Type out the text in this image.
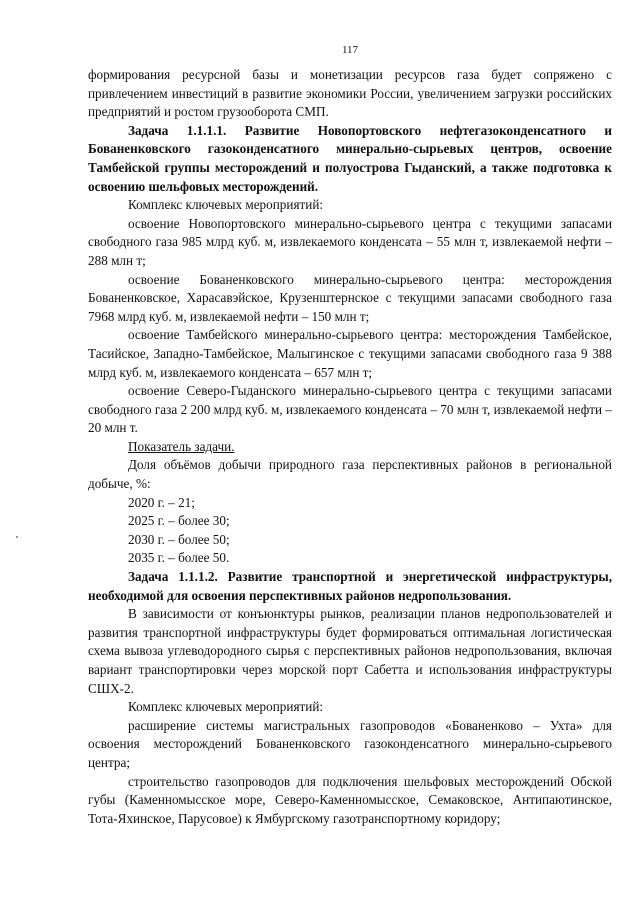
117

формирования ресурсной базы и монетизации ресурсов газа будет сопряжено с привлечением инвестиций в развитие экономики России, увеличением загрузки российских предприятий и ростом грузооборота СМП.

Задача 1.1.1.1. Развитие Новопортовского нефтегазоконденсатного и Бованенковского газоконденсатного минерально-сырьевых центров, освоение Тамбейской группы месторождений и полуострова Гыданский, а также подготовка к освоению шельфовых месторождений.

Комплекс ключевых мероприятий:

освоение Новопортовского минерально-сырьевого центра с текущими запасами свободного газа 985 млрд куб. м, извлекаемого конденсата – 55 млн т, извлекаемой нефти – 288 млн т;

освоение Бованенковского минерально-сырьевого центра: месторождения Бованенковское, Харасавэйское, Крузенштернское с текущими запасами свободного газа 7968 млрд куб. м, извлекаемой нефти – 150 млн т;

освоение Тамбейского минерально-сырьевого центра: месторождения Тамбейское, Тасийское, Западно-Тамбейское, Малыгинское с текущими запасами свободного газа 9 388 млрд куб. м, извлекаемого конденсата – 657 млн т;

освоение Северо-Гыданского минерально-сырьевого центра с текущими запасами свободного газа 2 200 млрд куб. м, извлекаемого конденсата – 70 млн т, извлекаемой нефти – 20 млн т.

Показатель задачи.

Доля объёмов добычи природного газа перспективных районов в региональной добыче, %:

2020 г. – 21;

2025 г. – более 30;

2030 г. – более 50;

2035 г. – более 50.

Задача 1.1.1.2. Развитие транспортной и энергетической инфраструктуры, необходимой для освоения перспективных районов недропользования.

В зависимости от конъюнктуры рынков, реализации планов недропользователей и развития транспортной инфраструктуры будет формироваться оптимальная логистическая схема вывоза углеводородного сырья с перспективных районов недропользования, включая вариант транспортировки через морской порт Сабетта и использования инфраструктуры СШХ-2.

Комплекс ключевых мероприятий:

расширение системы магистральных газопроводов «Бованенково – Ухта» для освоения месторождений Бованенковского газоконденсатного минерально-сырьевого центра;

строительство газопроводов для подключения шельфовых месторождений Обской губы (Каменномысское море, Северо-Каменномысское, Семаковское, Антипаютинское, Тота-Яхинское, Парусовое) к Ямбургскому газотранспортному коридору;
